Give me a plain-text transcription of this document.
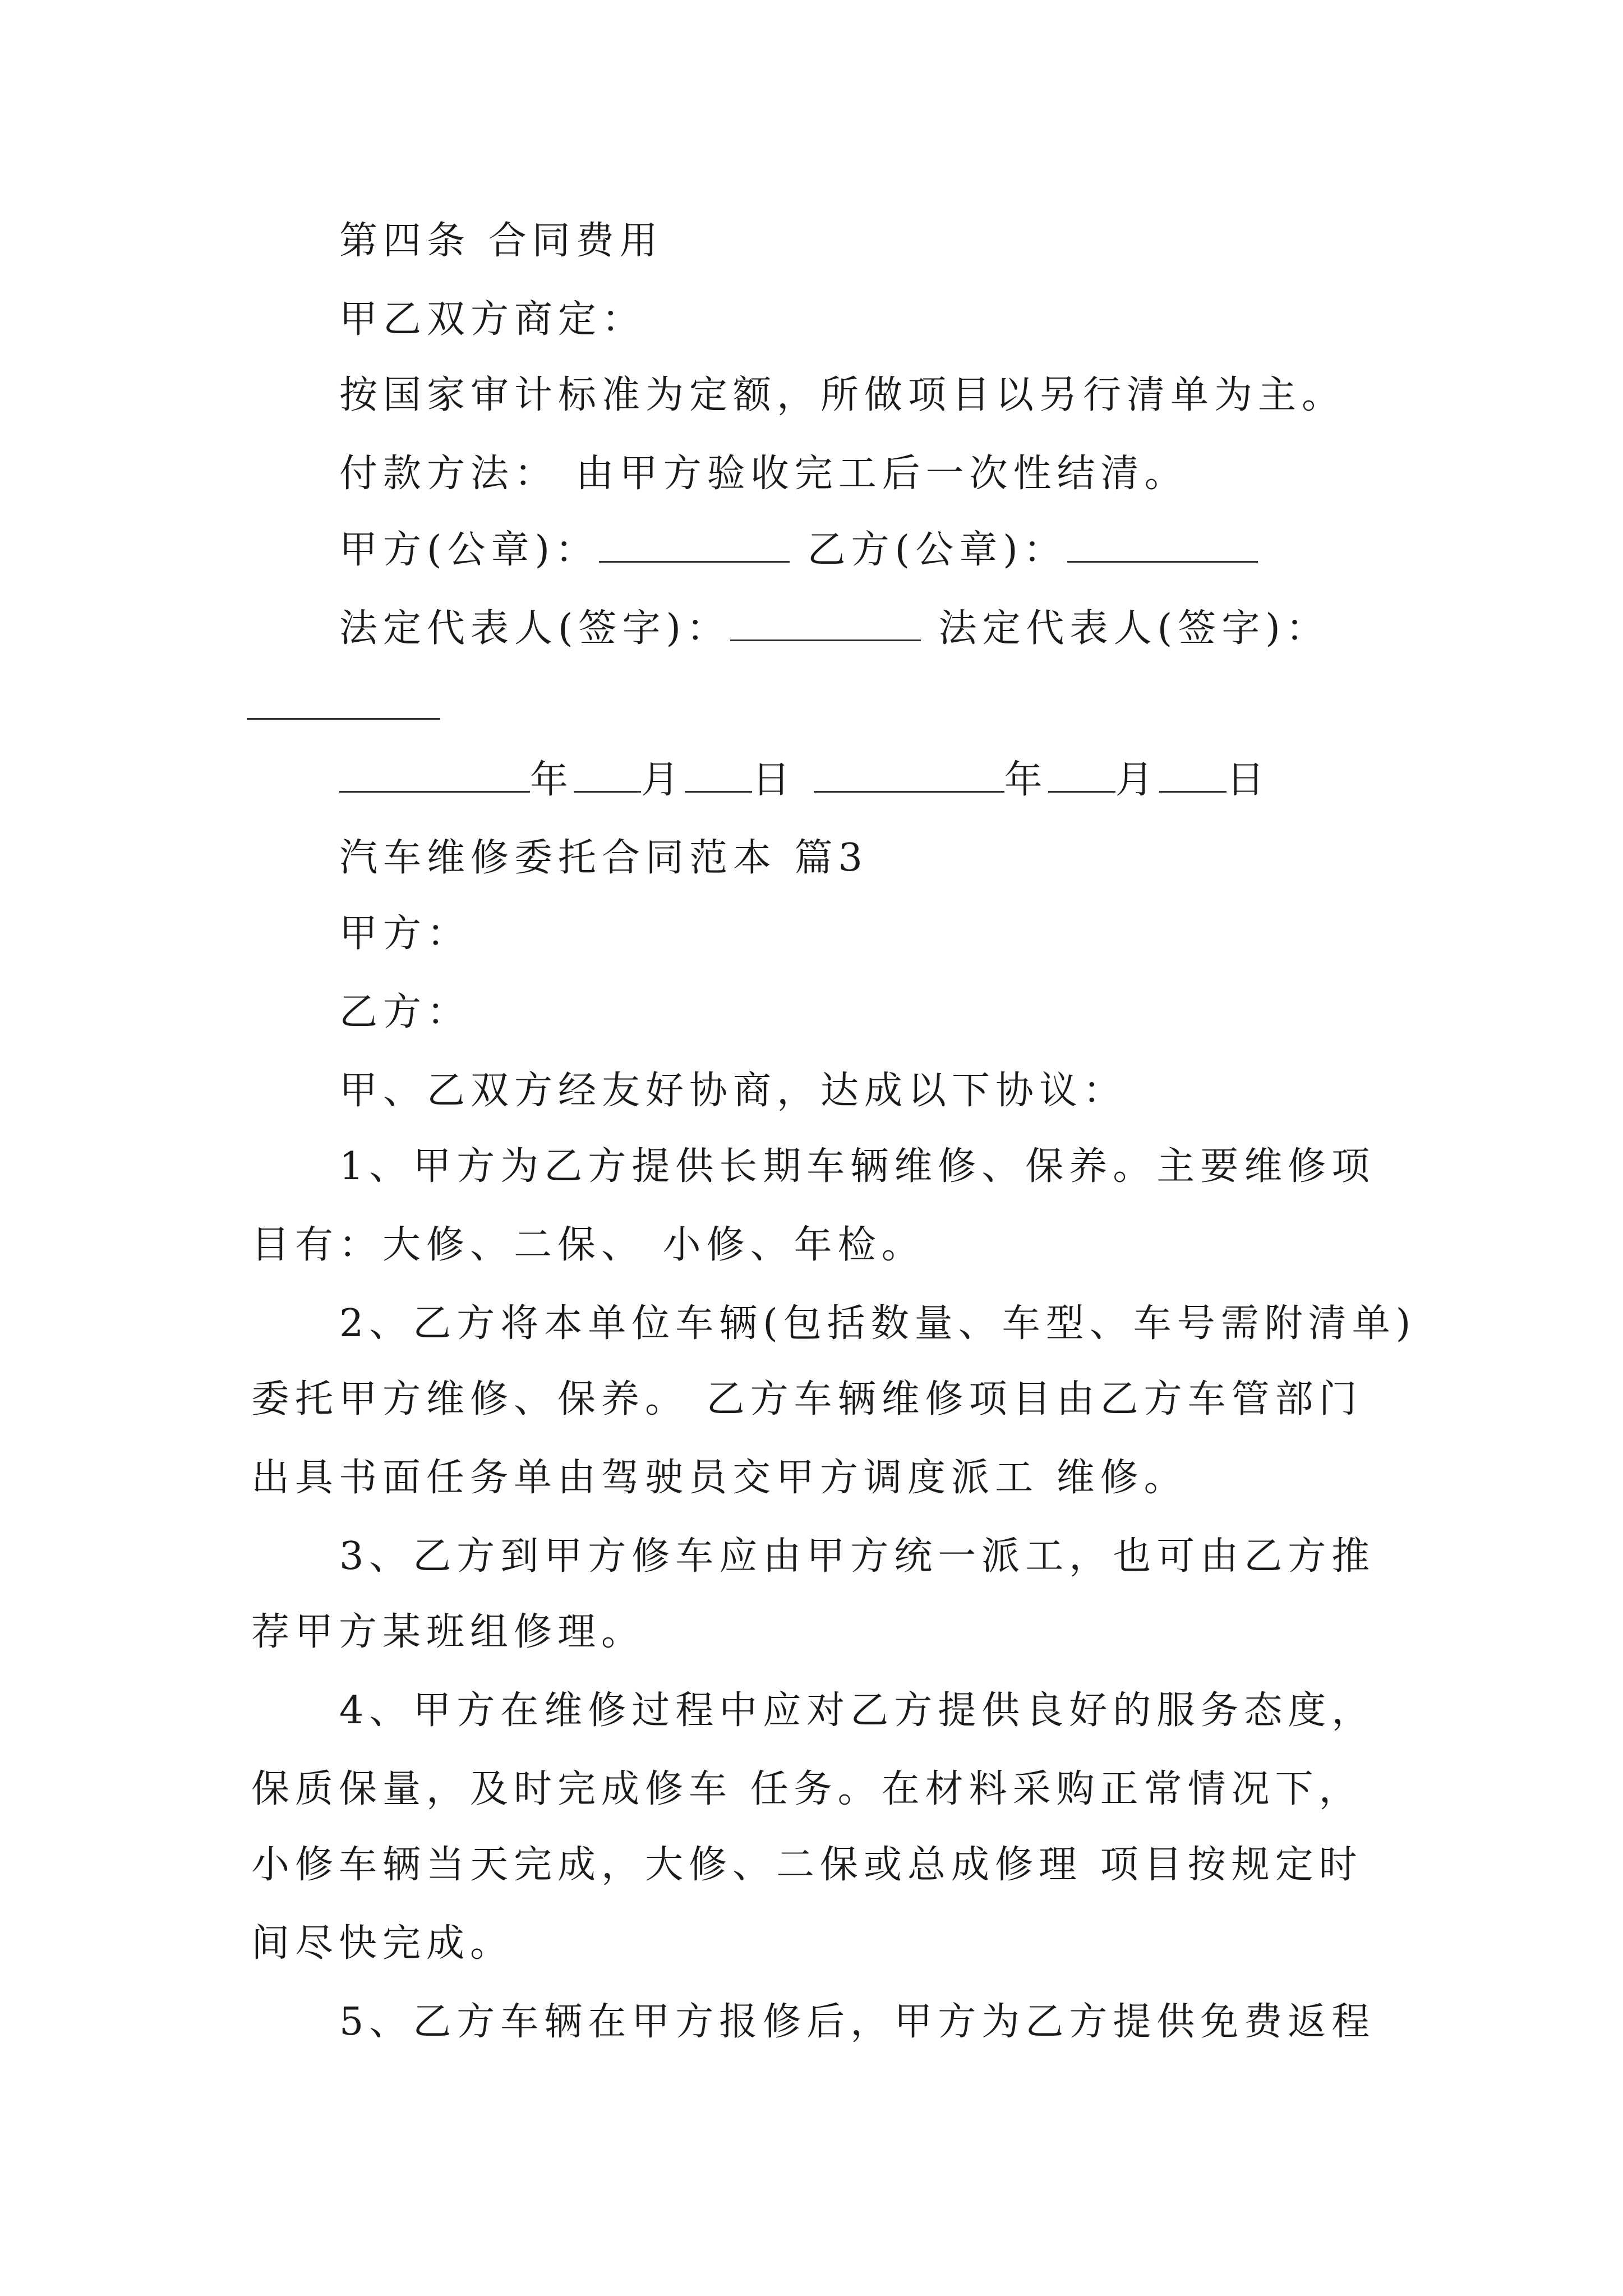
第四条 合同费用
甲乙双方商定：
按国家审计标准为定额，所做项目以另行清单为主。
付款方法： 由甲方验收完工后一次性结清。
甲方(公章)：	乙方(公章)：
法定代表人(签字)：	法定代表人(签字)：
年 月 日	年 月 日
汽车维修委托合同范本 篇3
甲方：
乙方：
甲、乙双方经友好协商，达成以下协议：
1、甲方为乙方提供长期车辆维修、保养。主要维修项
目有：大修、二保、 小修、年检。
2、乙方将本单位车辆(包括数量、车型、车号需附清单)
委托甲方维修、保养。 乙方车辆维修项目由乙方车管部门
出具书面任务单由驾驶员交甲方调度派工 维修。
3、乙方到甲方修车应由甲方统一派工，也可由乙方推
荐甲方某班组修理。
4、甲方在维修过程中应对乙方提供良好的服务态度，
保质保量，及时完成修车 任务。在材料采购正常情况下，
小修车辆当天完成，大修、二保或总成修理 项目按规定时
间尽快完成。
5、乙方车辆在甲方报修后，甲方为乙方提供免费返程
